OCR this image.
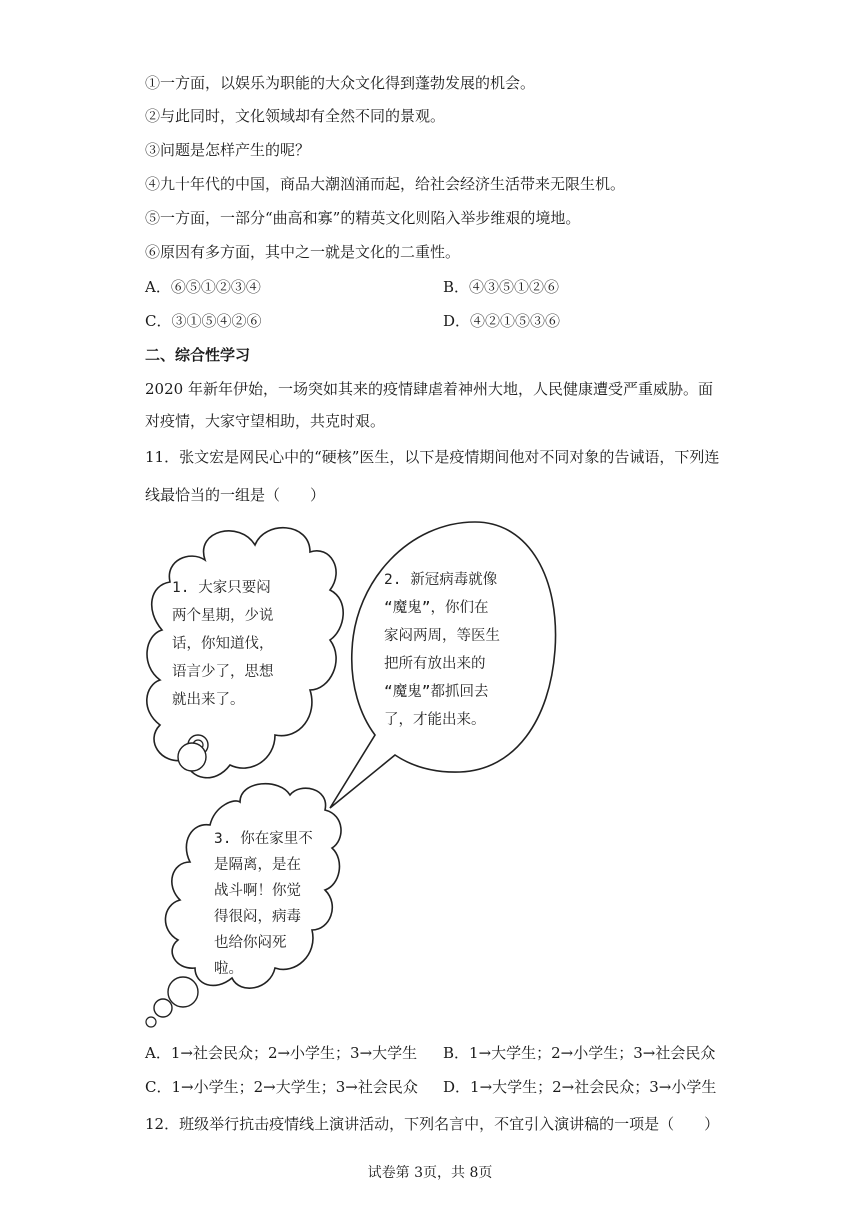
①一方面，以娱乐为职能的大众文化得到蓬勃发展的机会。
②与此同时，文化领域却有全然不同的景观。
③问题是怎样产生的呢？
④九十年代的中国，商品大潮汹涌而起，给社会经济生活带来无限生机。
⑤一方面，一部分“曲高和寡”的精英文化则陷入举步维艰的境地。
⑥原因有多方面，其中之一就是文化的二重性。
A．⑥⑤①②③④	B．④③⑤①②⑥
C．③①⑤④②⑥	D．④②①⑤③⑥
二、综合性学习
2020 年新年伊始，一场突如其来的疫情肆虐着神州大地，人民健康遭受严重威胁。面
对疫情，大家守望相助，共克时艰。
11．张文宏是网民心中的“硬核”医生，以下是疫情期间他对不同对象的告诫语，下列连
线最恰当的一组是（　　）
1. 大家只要闷
两个星期，少说
话，你知道伐，
语言少了，思想
就出来了。
2. 新冠病毒就像
“魔鬼”，你们在
家闷两周，等医生
把所有放出来的
“魔鬼”都抓回去
了，才能出来。
3. 你在家里不
是隔离，是在
战斗啊！你觉
得很闷，病毒
也给你闷死
啦。
A．1→社会民众；2→小学生；3→大学生 B．1→大学生；2→小学生；3→社会民众
C．1→小学生；2→大学生；3→社会民众 D．1→大学生；2→社会民众；3→小学生
12．班级举行抗击疫情线上演讲活动，下列名言中，不宜引入演讲稿的一项是（　　）
试卷第 3页，共 8页
